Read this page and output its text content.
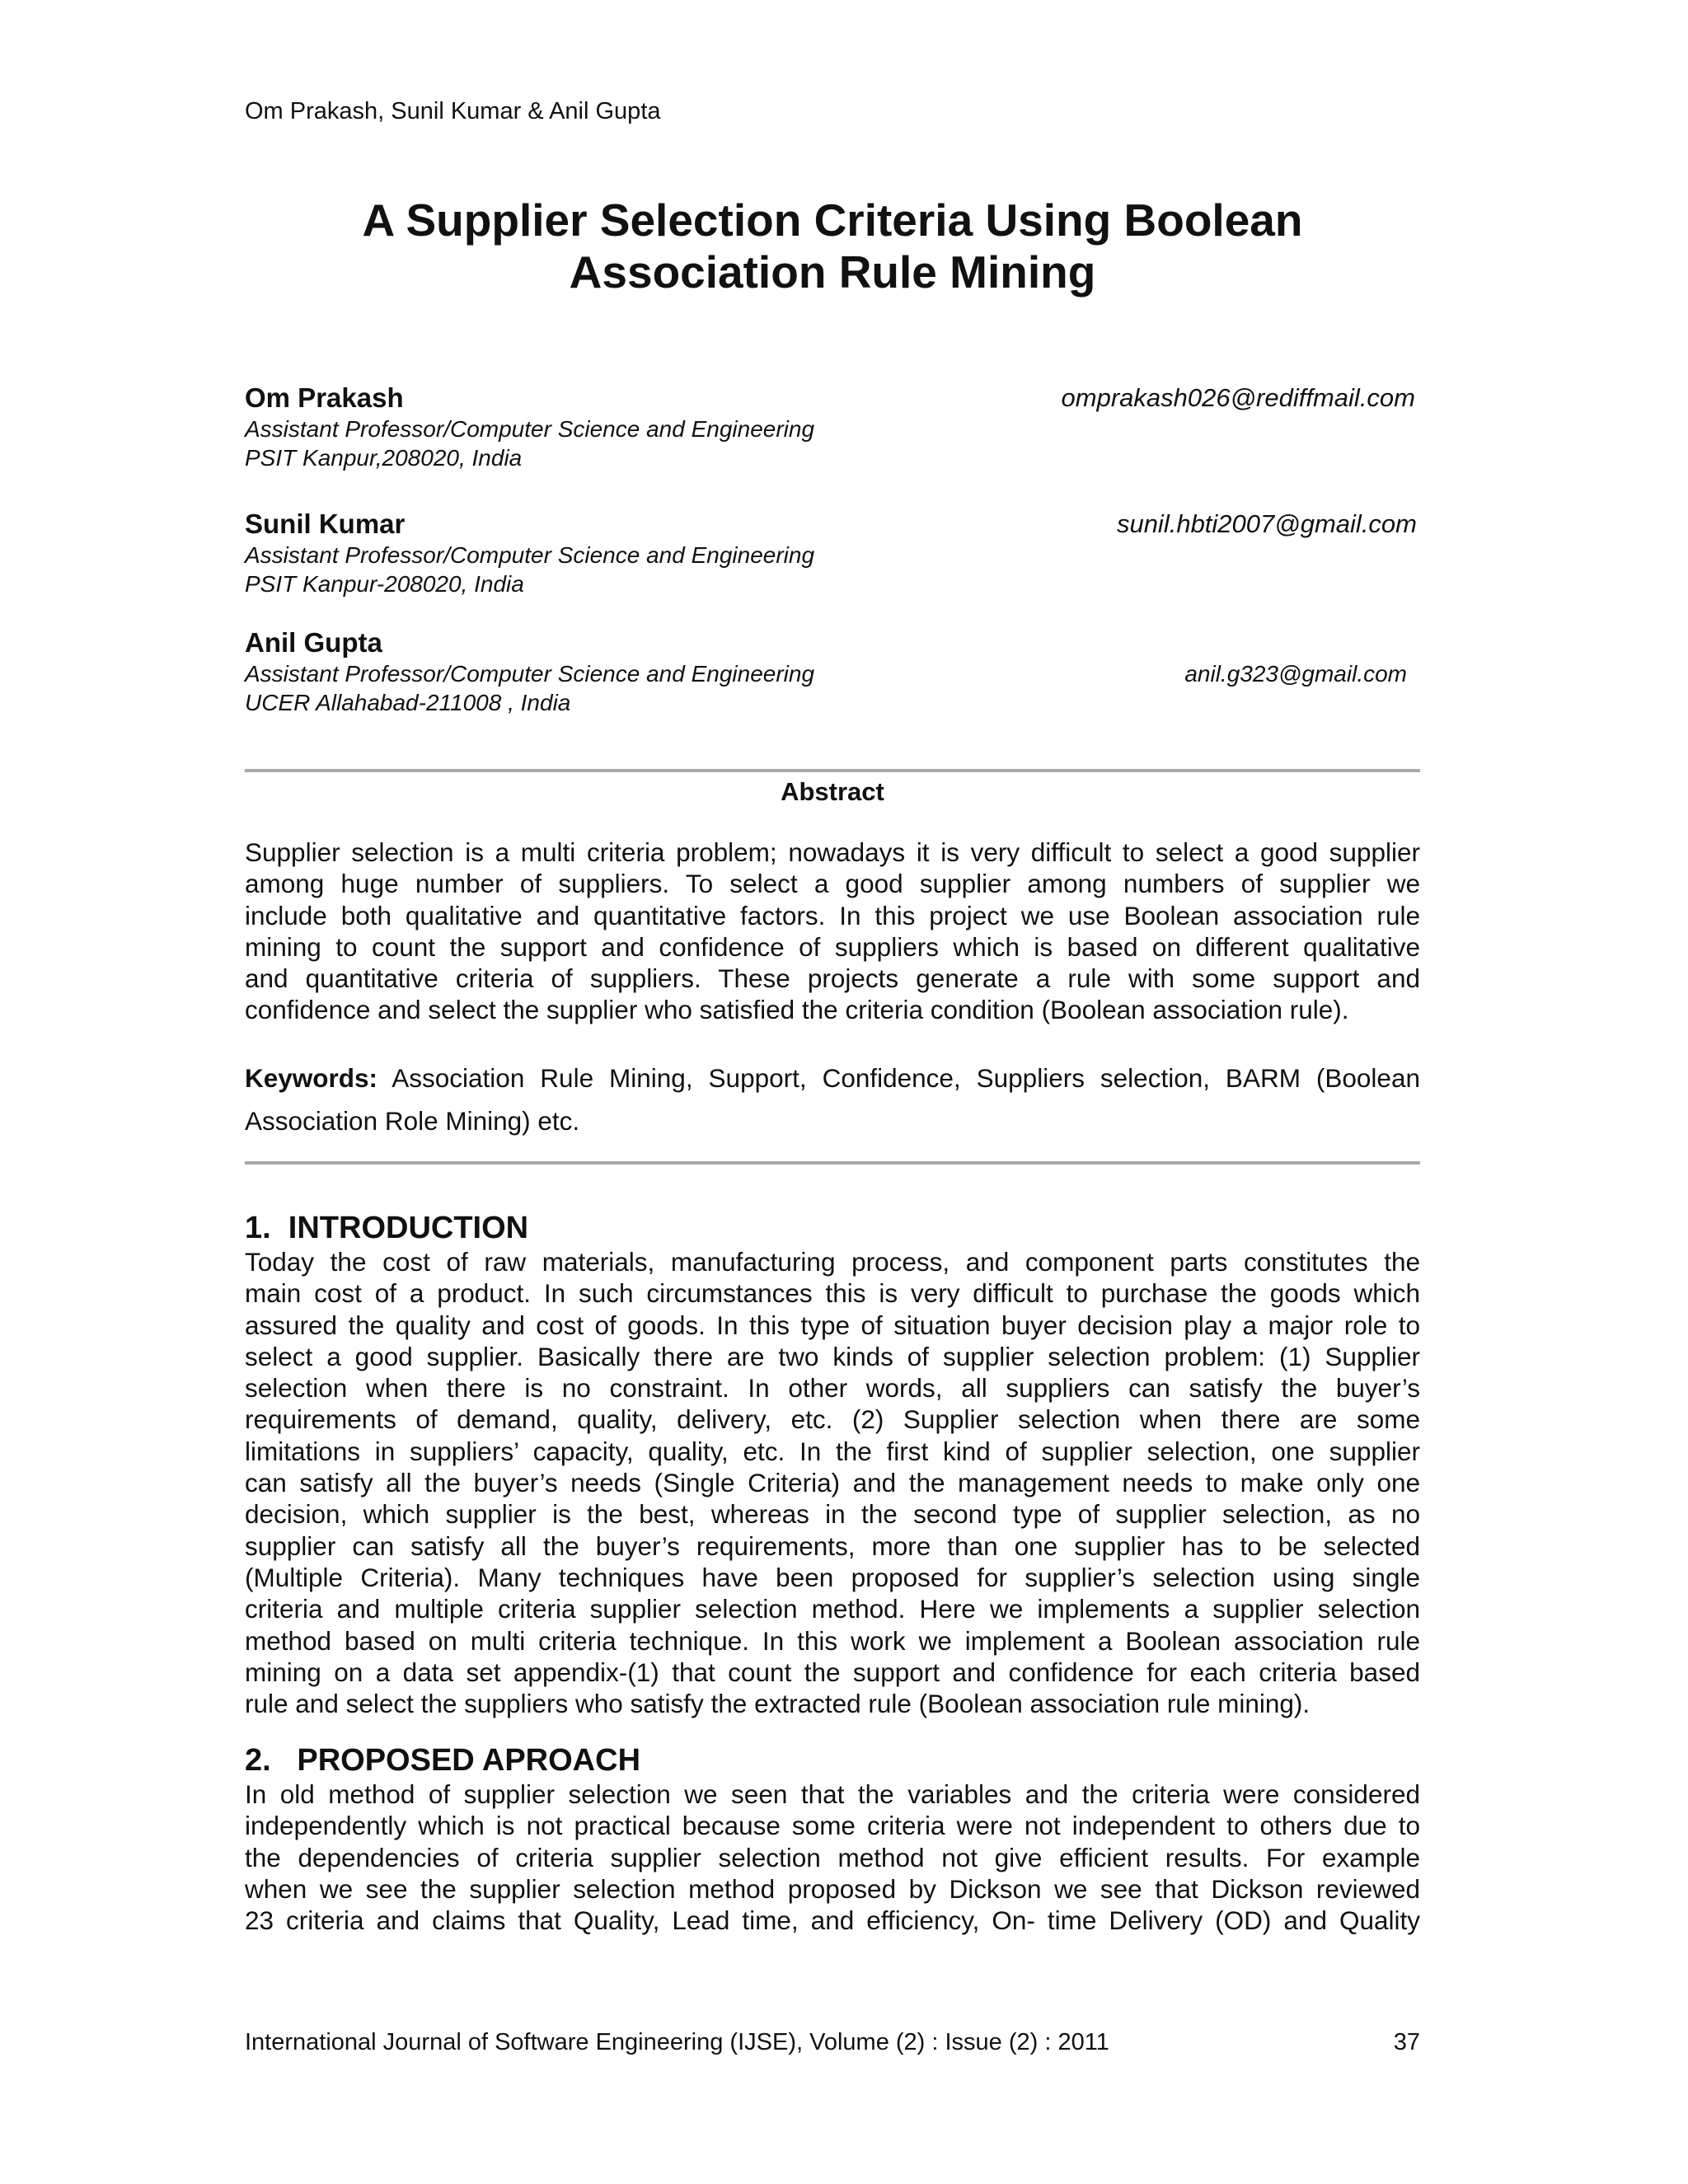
Om Prakash, Sunil Kumar & Anil Gupta
A Supplier Selection Criteria Using Boolean
Association Rule Mining
Om Prakash
Assistant Professor/Computer Science and Engineering
PSIT Kanpur,208020, India
omprakash026@rediffmail.com
Sunil Kumar
Assistant Professor/Computer Science and Engineering
PSIT Kanpur-208020, India
sunil.hbti2007@gmail.com
Anil Gupta
Assistant Professor/Computer Science and Engineering
UCER Allahabad-211008 , India
anil.g323@gmail.com
Abstract

Supplier selection is a multi criteria problem; nowadays it is very difficult to select a good supplier
among huge number of suppliers. To select a good supplier among numbers of supplier we
include both qualitative and quantitative factors. In this project we use Boolean association rule
mining to count the support and confidence of suppliers which is based on different qualitative
and quantitative criteria of suppliers. These projects generate a rule with some support and
confidence and select the supplier who satisfied the criteria condition (Boolean association rule).

Keywords: Association Rule Mining, Support, Confidence, Suppliers selection, BARM (Boolean
Association Role Mining) etc.
1.  INTRODUCTION

Today the cost of raw materials, manufacturing process, and component parts constitutes the
main cost of a product. In such circumstances this is very difficult to purchase the goods which
assured the quality and cost of goods. In this type of situation buyer decision play a major role to
select a good supplier. Basically there are two kinds of supplier selection problem: (1) Supplier
selection when there is no constraint. In other words, all suppliers can satisfy the buyer’s
requirements of demand, quality, delivery, etc. (2) Supplier selection when there are some
limitations in suppliers’ capacity, quality, etc. In the first kind of supplier selection, one supplier
can satisfy all the buyer’s needs (Single Criteria) and the management needs to make only one
decision, which supplier is the best, whereas in the second type of supplier selection, as no
supplier can satisfy all the buyer’s requirements, more than one supplier has to be selected
(Multiple Criteria). Many techniques have been proposed for supplier’s selection using single
criteria and multiple criteria supplier selection method. Here we implements a supplier selection
method based on multi criteria technique. In this work we implement a Boolean association rule
mining on a data set appendix-(1) that count the support and confidence for each criteria based
rule and select the suppliers who satisfy the extracted rule (Boolean association rule mining).

2.   PROPOSED APROACH

In old method of supplier selection we seen that the variables and the criteria were considered
independently which is not practical because some criteria were not independent to others due to
the dependencies of criteria supplier selection method not give efficient results. For example
when we see the supplier selection method proposed by Dickson we see that Dickson reviewed
23 criteria and claims that Quality, Lead time, and efficiency, On- time Delivery (OD) and Quality

International Journal of Software Engineering (IJSE), Volume (2) : Issue (2) : 2011	37
